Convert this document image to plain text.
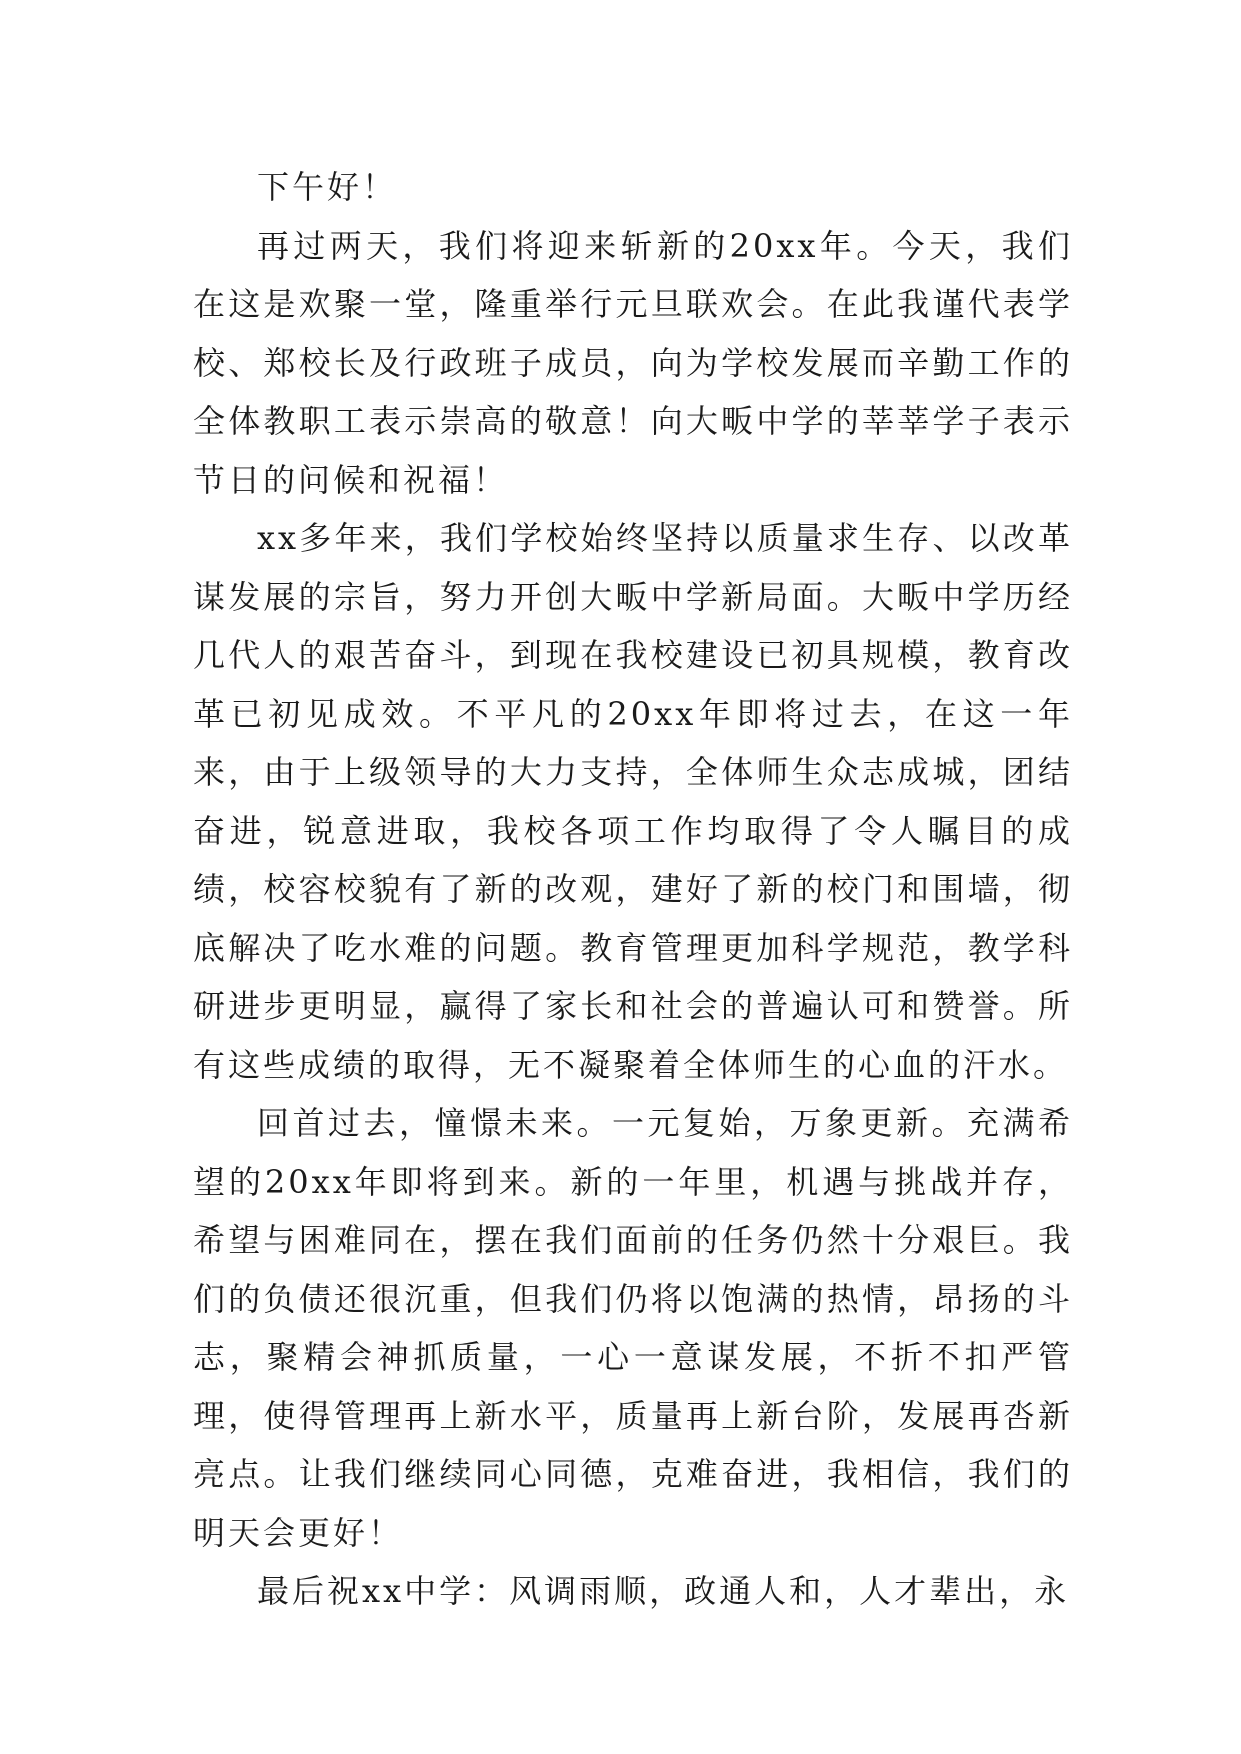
下午好！

再过两天，我们将迎来斩新的20xx年。今天，我们在这是欢聚一堂，隆重举行元旦联欢会。在此我谨代表学校、郑校长及行政班子成员，向为学校发展而辛勤工作的全体教职工表示崇高的敬意！向大畈中学的莘莘学子表示节日的问候和祝福！

xx多年来，我们学校始终坚持以质量求生存、以改革谋发展的宗旨，努力开创大畈中学新局面。大畈中学历经几代人的艰苦奋斗，到现在我校建设已初具规模，教育改革已初见成效。不平凡的20xx年即将过去，在这一年来，由于上级领导的大力支持，全体师生众志成城，团结奋进，锐意进取，我校各项工作均取得了令人瞩目的成绩，校容校貌有了新的改观，建好了新的校门和围墙，彻底解决了吃水难的问题。教育管理更加科学规范，教学科研进步更明显，赢得了家长和社会的普遍认可和赞誉。所有这些成绩的取得，无不凝聚着全体师生的心血的汗水。

回首过去，憧憬未来。一元复始，万象更新。充满希望的20xx年即将到来。新的一年里，机遇与挑战并存，希望与困难同在，摆在我们面前的任务仍然十分艰巨。我们的负债还很沉重，但我们仍将以饱满的热情，昂扬的斗志，聚精会神抓质量，一心一意谋发展，不折不扣严管理，使得管理再上新水平，质量再上新台阶，发展再呇新亮点。让我们继续同心同德，克难奋进，我相信，我们的明天会更好！

最后祝xx中学：风调雨顺，政通人和，人才辈出，永
